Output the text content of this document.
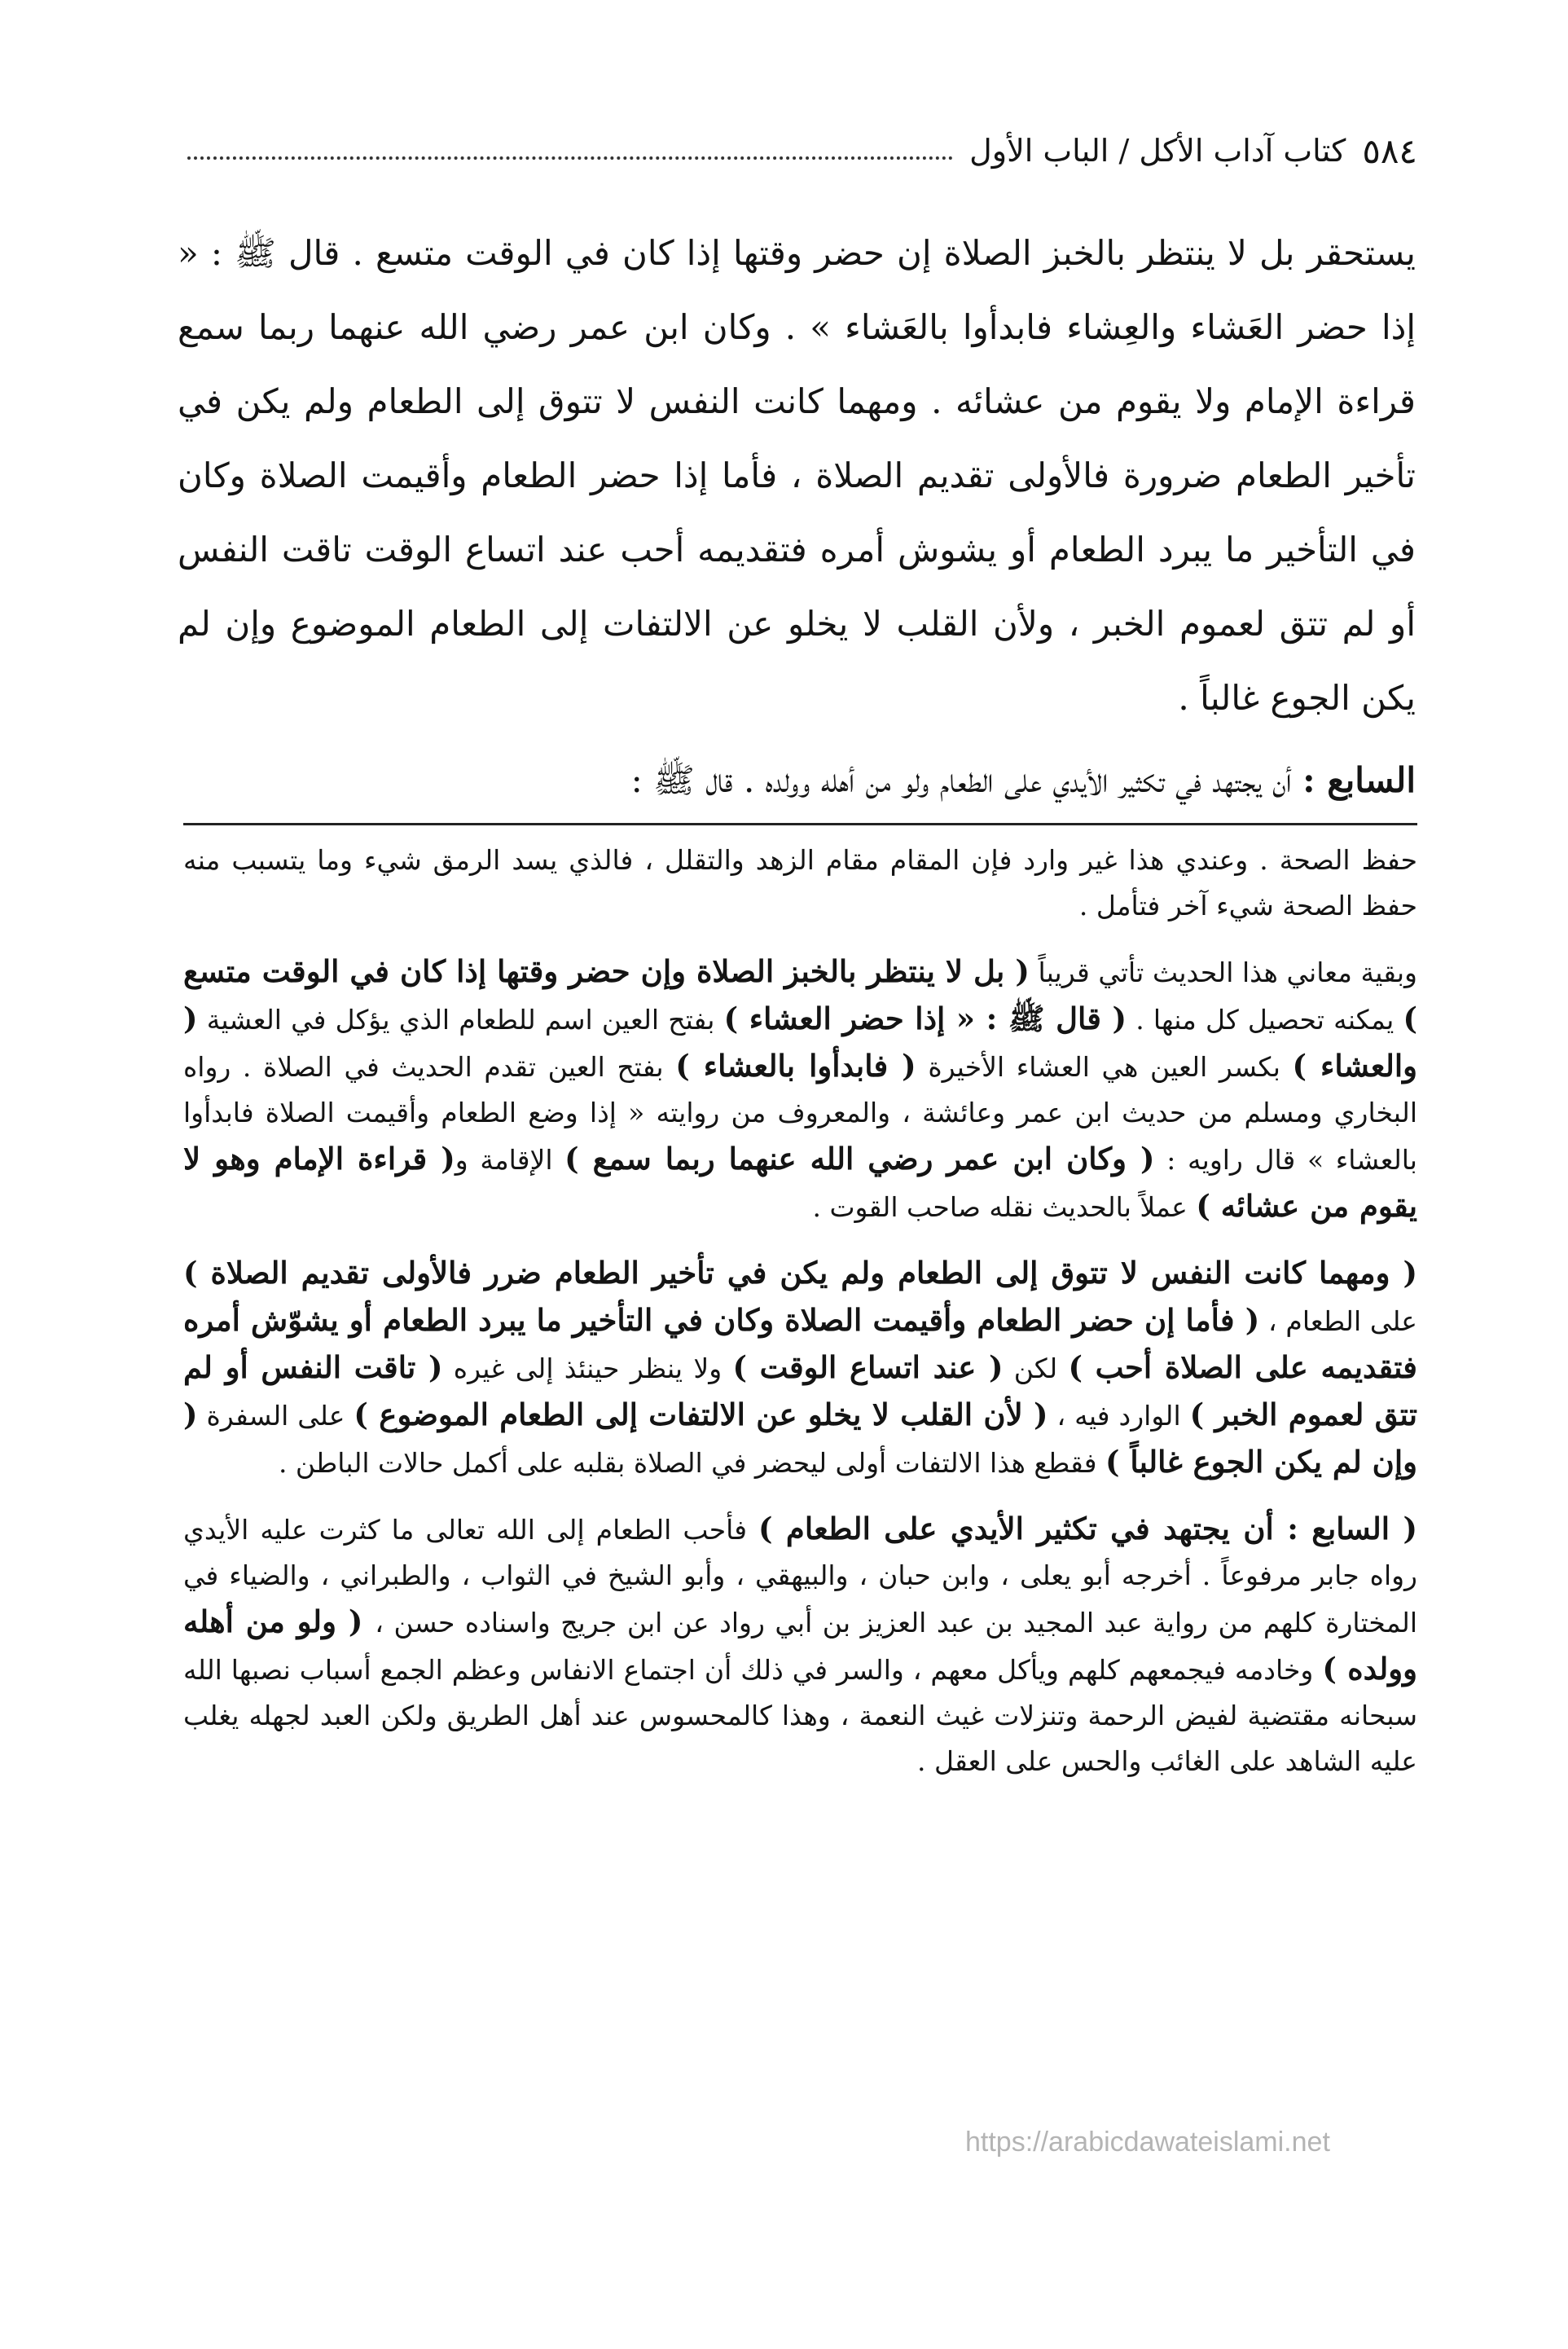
٥٨٤
كتاب آداب الأكل / الباب الأول

يستحقر بل لا ينتظر بالخبز الصلاة إن حضر وقتها إذا كان في الوقت متسع . قال ﷺ : « إذا حضر العَشاء والعِشاء فابدأوا بالعَشاء » . وكان ابن عمر رضي الله عنهما ربما سمع قراءة الإمام ولا يقوم من عشائه . ومهما كانت النفس لا تتوق إلى الطعام ولم يكن في تأخير الطعام ضرورة فالأولى تقديم الصلاة ، فأما إذا حضر الطعام وأقيمت الصلاة وكان في التأخير ما يبرد الطعام أو يشوش أمره فتقديمه أحب عند اتساع الوقت تاقت النفس أو لم تتق لعموم الخبر ، ولأن القلب لا يخلو عن الالتفات إلى الطعام الموضوع وإن لم يكن الجوع غالباً .

السابع : أن يجتهد في تكثير الأيدي على الطعام ولو من أهله وولده . قال ﷺ :

حفظ الصحة . وعندي هذا غير وارد فإن المقام مقام الزهد والتقلل ، فالذي يسد الرمق شيء وما يتسبب منه حفظ الصحة شيء آخر فتأمل .

وبقية معاني هذا الحديث تأتي قريباً ( بل لا ينتظر بالخبز الصلاة وإن حضر وقتها إذا كان في الوقت متسع ) يمكنه تحصيل كل منها . ( قال ﷺ : « إذا حضر العشاء ) بفتح العين اسم للطعام الذي يؤكل في العشية ( والعشاء ) بكسر العين هي العشاء الأخيرة ( فابدأوا بالعشاء ) بفتح العين تقدم الحديث في الصلاة . رواه البخاري ومسلم من حديث ابن عمر وعائشة ، والمعروف من روايته « إذا وضع الطعام وأقيمت الصلاة فابدأوا بالعشاء » قال راويه : ( وكان ابن عمر رضي الله عنهما ربما سمع ) الإقامة و( قراءة الإمام وهو لا يقوم من عشائه ) عملاً بالحديث نقله صاحب القوت .

( ومهما كانت النفس لا تتوق إلى الطعام ولم يكن في تأخير الطعام ضرر فالأولى تقديم الصلاة ) على الطعام ، ( فأما إن حضر الطعام وأقيمت الصلاة وكان في التأخير ما يبرد الطعام أو يشوّش أمره فتقديمه على الصلاة أحب ) لكن ( عند اتساع الوقت ) ولا ينظر حينئذ إلى غيره ( تاقت النفس أو لم تتق لعموم الخبر ) الوارد فيه ، ( لأن القلب لا يخلو عن الالتفات إلى الطعام الموضوع ) على السفرة ( وإن لم يكن الجوع غالباً ) فقطع هذا الالتفات أولى ليحضر في الصلاة بقلبه على أكمل حالات الباطن .

( السابع : أن يجتهد في تكثير الأيدي على الطعام ) فأحب الطعام إلى الله تعالى ما كثرت عليه الأيدي رواه جابر مرفوعاً . أخرجه أبو يعلى ، وابن حبان ، والبيهقي ، وأبو الشيخ في الثواب ، والطبراني ، والضياء في المختارة كلهم من رواية عبد المجيد بن عبد العزيز بن أبي رواد عن ابن جريج واسناده حسن ، ( ولو من أهله وولده ) وخادمه فيجمعهم كلهم ويأكل معهم ، والسر في ذلك أن اجتماع الانفاس وعظم الجمع أسباب نصبها الله سبحانه مقتضية لفيض الرحمة وتنزلات غيث النعمة ، وهذا كالمحسوس عند أهل الطريق ولكن العبد لجهله يغلب عليه الشاهد على الغائب والحس على العقل .

https://arabicdawateislami.net
